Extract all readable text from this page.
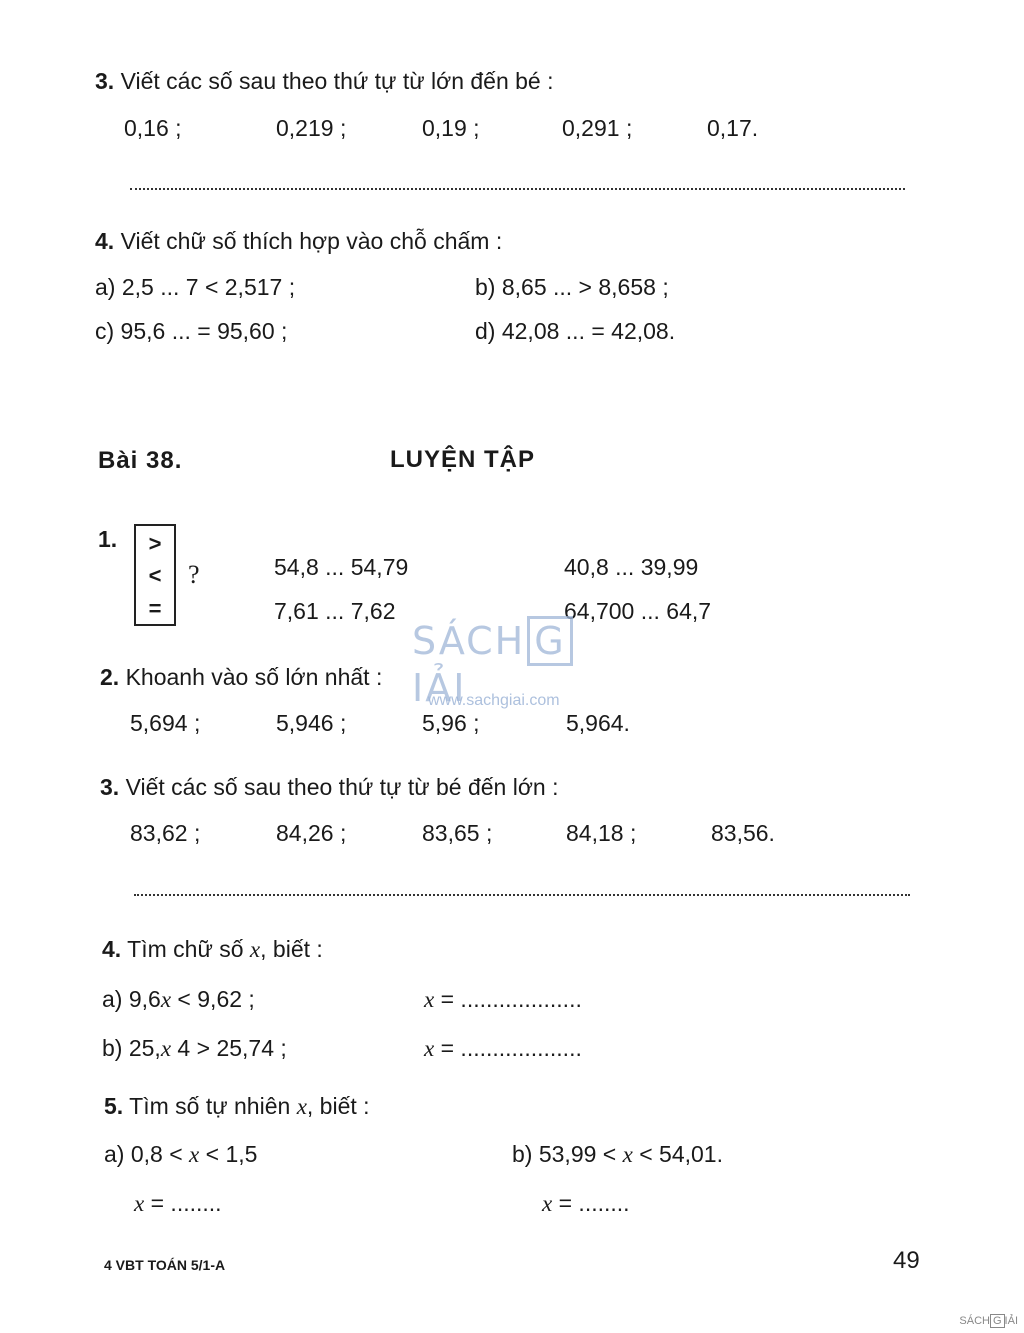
3. Viết các số sau theo thứ tự từ lớn đến bé :
0,16 ;	0,219 ;	0,19 ;	0,291 ;	0,17.
4. Viết chữ số thích hợp vào chỗ chấm :
a) 2,5 ... 7 < 2,517 ;	b) 8,65 ... > 8,658 ;
c) 95,6 ... = 95,60 ;	d) 42,08 ... = 42,08.
Bài 38.	LUYỆN TẬP
1.	>
<
=
?	54,8 ... 54,79	40,8 ... 39,99
7,61 ... 7,62	64,700 ... 64,7
SÁCH GIẢI
www.sachgiai.com
2. Khoanh vào số lớn nhất :
5,694 ;	5,946 ;	5,96 ;	5,964.
3. Viết các số sau theo thứ tự từ bé đến lớn :
83,62 ;	84,26 ;	83,65 ;	84,18 ;	83,56.
4. Tìm chữ số x, biết :
a) 9,6x < 9,62 ;	x = ...................
b) 25,x 4 > 25,74 ;	x = ...................
5. Tìm số tự nhiên x, biết :
a) 0,8 < x < 1,5	b) 53,99 < x < 54,01.
x = ........	x = ........
4 VBT TOÁN 5/1-A	49
SÁCH G IẢI
